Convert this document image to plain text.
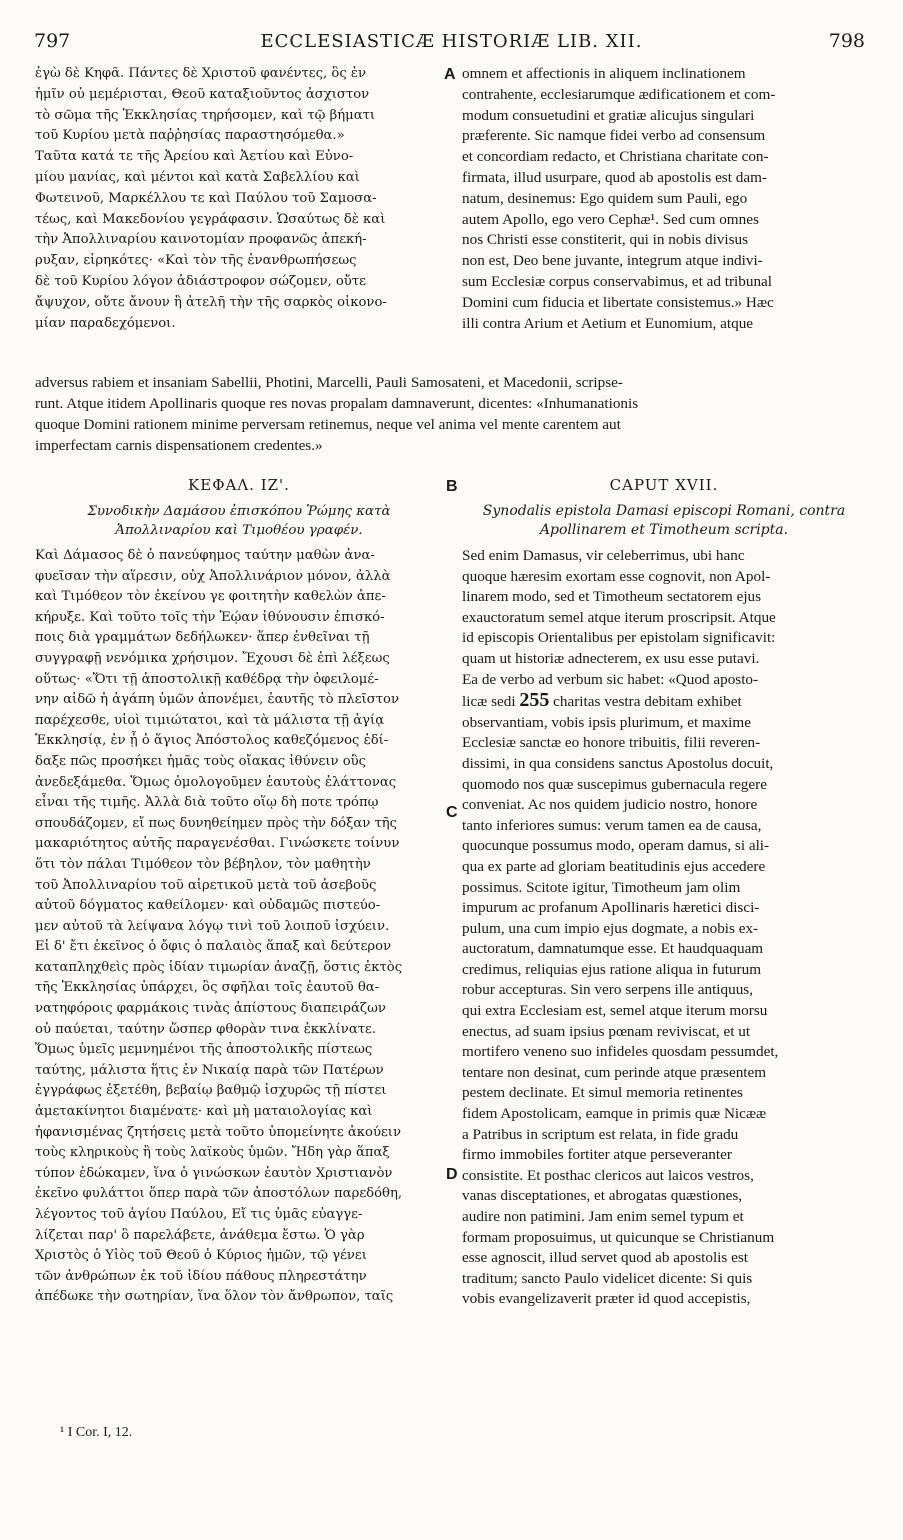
797	ECCLESIASTICÆ HISTORIÆ LIB. XII.	798
A
B
C
D
ἐγὼ δὲ Κηφᾶ. Πάντες δὲ Χριστοῦ φανέντες, ὃς ἐν
ἡμῖν οὐ μεμέρισται, Θεοῦ καταξιοῦντος ἀσχιστον
τὸ σῶμα τῆς Ἐκκλησίας τηρήσομεν, καὶ τῷ βήματι
τοῦ Κυρίου μετὰ παῤῥησίας παραστησόμεθα.»
Ταῦτα κατά τε τῆς Ἀρείου καὶ Ἀετίου καὶ Εὐνο-
μίου μανίας, καὶ μέντοι καὶ κατὰ Σαβελλίου καὶ
Φωτεινοῦ, Μαρκέλλου τε καὶ Παύλου τοῦ Σαμοσα-
τέως, καὶ Μακεδονίου γεγράφασιν. Ὡσαύτως δὲ καὶ
τὴν Ἀπολλιναρίου καινοτομίαν προφανῶς ἀπεκή-
ρυξαν, εἰρηκότες· «Καὶ τὸν τῆς ἐνανθρωπήσεως
δὲ τοῦ Κυρίου λόγον ἀδιάστροφον σώζομεν, οὔτε
ἄψυχον, οὔτε ἄνουν ἢ ἀτελῆ τὴν τῆς σαρκὸς οἰκονο-
μίαν παραδεχόμενοι.
omnem et affectionis in aliquem inclinationem
contrahente, ecclesiarumque ædificationem et com-
modum consuetudini et gratiæ alicujus singulari
præferente. Sic namque fidei verbo ad consensum
et concordiam redacto, et Christiana charitate con-
firmata, illud usurpare, quod ab apostolis est dam-
natum, desinemus: Ego quidem sum Pauli, ego
autem Apollo, ego vero Cephæ¹. Sed cum omnes
nos Christi esse constiterit, qui in nobis divisus
non est, Deo bene juvante, integrum atque indivi-
sum Ecclesiæ corpus conservabimus, et ad tribunal
Domini cum fiducia et libertate consistemus.» Hæc
illi contra Arium et Aetium et Eunomium, atque
adversus rabiem et insaniam Sabellii, Photini, Marcelli, Pauli Samosateni, et Macedonii, scripse-
runt. Atque itidem Apollinaris quoque res novas propalam damnaverunt, dicentes: «Inhumanationis
quoque Domini rationem minime perversam retinemus, neque vel anima vel mente carentem aut
imperfectam carnis dispensationem credentes.»
ΚΕΦΑΛ. ΙΖ'.	CAPUT XVII.
Συνοδικὴν Δαμάσου ἐπισκόπου Ῥώμης κατὰ
Ἀπολλιναρίου καὶ Τιμοθέου γραφέν.
Synodalis epistola Damasi episcopi Romani, contra
Apollinarem et Timotheum scripta.
Καὶ Δάμασος δὲ ὁ πανεύφημος ταύτην μαθὼν ἀνα-
φυεῖσαν τὴν αἵρεσιν, οὐχ Ἀπολλινάριον μόνον, ἀλλὰ
καὶ Τιμόθεον τὸν ἐκείνου γε φοιτητὴν καθελὼν ἀπε-
κήρυξε. Καὶ τοῦτο τοῖς τὴν Ἑῴαν ἰθύνουσιν ἐπισκό-
ποις διὰ γραμμάτων δεδήλωκεν· ἅπερ ἐνθεῖναι τῇ
συγγραφῇ νενόμικα χρήσιμον. Ἔχουσι δὲ ἐπὶ λέξεως
οὕτως· «Ὅτι τῇ ἀποστολικῇ καθέδρᾳ τὴν ὀφειλομέ-
νην αἰδῶ ἡ ἀγάπη ὑμῶν ἀπονέμει, ἑαυτῆς τὸ πλεῖστον
παρέχεσθε, υἱοὶ τιμιώτατοι, καὶ τὰ μάλιστα τῇ ἁγίᾳ
Ἐκκλησίᾳ, ἐν ᾗ ὁ ἅγιος Ἀπόστολος καθεζόμενος ἐδί-
δαξε πῶς προσήκει ἡμᾶς τοὺς οἴακας ἰθύνειν οὓς
ἀνεδεξάμεθα. Ὅμως ὁμολογοῦμεν ἑαυτοὺς ἐλάττονας
εἶναι τῆς τιμῆς. Ἀλλὰ διὰ τοῦτο οἵῳ δὴ ποτε τρόπῳ
σπουδάζομεν, εἴ πως δυνηθείημεν πρὸς τὴν δόξαν τῆς
μακαριότητος αὐτῆς παραγενέσθαι. Γινώσκετε τοίνυν
ὅτι τὸν πάλαι Τιμόθεον τὸν βέβηλον, τὸν μαθητὴν
τοῦ Ἀπολλιναρίου τοῦ αἱρετικοῦ μετὰ τοῦ ἀσεβοῦς
αὐτοῦ δόγματος καθείλομεν· καὶ οὐδαμῶς πιστεύο-
μεν αὐτοῦ τὰ λείψανα λόγῳ τινὶ τοῦ λοιποῦ ἰσχύειν.
Εἰ δ' ἔτι ἐκεῖνος ὁ ὄφις ὁ παλαιὸς ἅπαξ καὶ δεύτερον
καταπληχθεὶς πρὸς ἰδίαν τιμωρίαν ἀναζῇ, ὅστις ἐκτὸς
τῆς Ἐκκλησίας ὑπάρχει, ὃς σφῆλαι τοῖς ἑαυτοῦ θα-
νατηφόροις φαρμάκοις τινὰς ἀπίστους διαπειράζων
οὐ παύεται, ταύτην ὥσπερ φθορὰν τινα ἐκκλίνατε.
Ὅμως ὑμεῖς μεμνημένοι τῆς ἀποστολικῆς πίστεως
ταύτης, μάλιστα ἥτις ἐν Νικαίᾳ παρὰ τῶν Πατέρων
ἐγγράφως ἐξετέθη, βεβαίῳ βαθμῷ ἰσχυρῶς τῇ πίστει
ἀμετακίνητοι διαμένατε· καὶ μὴ ματαιολογίας καὶ
ἠφανισμένας ζητήσεις μετὰ τοῦτο ὑπομείνητε ἀκούειν
τοὺς κληρικοὺς ἢ τοὺς λαϊκοὺς ὑμῶν. Ἤδη γὰρ ἅπαξ
τύπον ἐδώκαμεν, ἵνα ὁ γινώσκων ἑαυτὸν Χριστιανὸν
ἐκεῖνο φυλάττοι ὅπερ παρὰ τῶν ἀποστόλων παρεδόθη,
λέγοντος τοῦ ἁγίου Παύλου, Εἴ τις ὑμᾶς εὐαγγε-
λίζεται παρ' ὃ παρελάβετε, ἀνάθεμα ἔστω. Ὁ γὰρ
Χριστὸς ὁ Υἱὸς τοῦ Θεοῦ ὁ Κύριος ἡμῶν, τῷ γένει
τῶν ἀνθρώπων ἐκ τοῦ ἰδίου πάθους πληρεστάτην
ἀπέδωκε τὴν σωτηρίαν, ἵνα ὅλον τὸν ἄνθρωπον, ταῖς
Sed enim Damasus, vir celeberrimus, ubi hanc
quoque hæresim exortam esse cognovit, non Apol-
linarem modo, sed et Timotheum sectatorem ejus
exauctoratum semel atque iterum proscripsit. Atque
id episcopis Orientalibus per epistolam significavit:
quam ut historiæ adnecterem, ex usu esse putavi.
Ea de verbo ad verbum sic habet: «Quod aposto-
licæ sedi 255 charitas vestra debitam exhibet
observantiam, vobis ipsis plurimum, et maxime
Ecclesiæ sanctæ eo honore tribuitis, filii reveren-
dissimi, in qua considens sanctus Apostolus docuit,
quomodo nos quæ suscepimus gubernacula regere
conveniat. Ac nos quidem judicio nostro, honore
tanto inferiores sumus: verum tamen ea de causa,
quocunque possumus modo, operam damus, si ali-
qua ex parte ad gloriam beatitudinis ejus accedere
possimus. Scitote igitur, Timotheum jam olim
impurum ac profanum Apollinaris hæretici disci-
pulum, una cum impio ejus dogmate, a nobis ex-
auctoratum, damnatumque esse. Et haudquaquam
credimus, reliquias ejus ratione aliqua in futurum
robur accepturas. Sin vero serpens ille antiquus,
qui extra Ecclesiam est, semel atque iterum morsu
enectus, ad suam ipsius pœnam reviviscat, et ut
mortifero veneno suo infideles quosdam pessumdet,
tentare non desinat, cum perinde atque præsentem
pestem declinate. Et simul memoria retinentes
fidem Apostolicam, eamque in primis quæ Nicææ
a Patribus in scriptum est relata, in fide gradu
firmo immobiles fortiter atque perseveranter
consistite. Et posthac clericos aut laicos vestros,
vanas disceptationes, et abrogatas quæstiones,
audire non patimini. Jam enim semel typum et
formam proposuimus, ut quicunque se Christianum
esse agnoscit, illud servet quod ab apostolis est
traditum; sancto Paulo videlicet dicente: Si quis
vobis evangelizaverit præter id quod accepistis,
¹ I Cor. I, 12.
